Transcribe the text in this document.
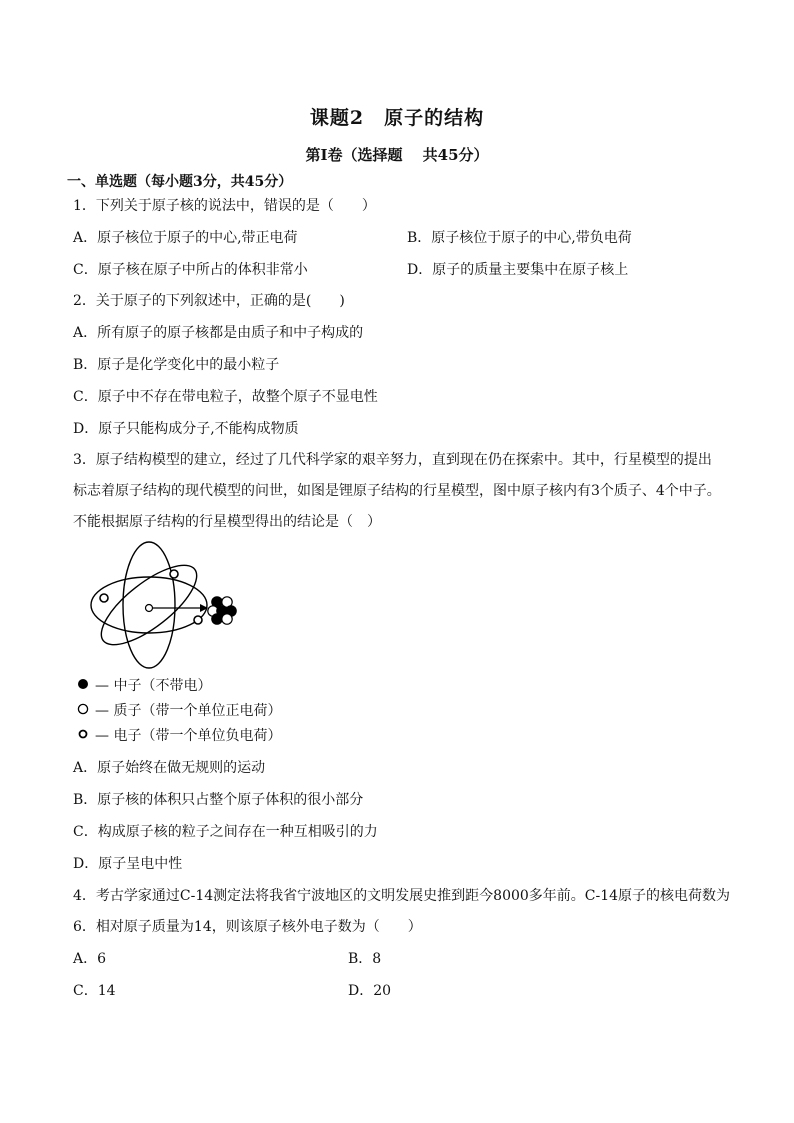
课题2　原子的结构
第I卷（选择题　 共45分）
一、单选题（每小题3分，共45分）
1．下列关于原子核的说法中，错误的是（　　）
A．原子核位于原子的中心,带正电荷	B．原子核位于原子的中心,带负电荷
C．原子核在原子中所占的体积非常小	D．原子的质量主要集中在原子核上
2．关于原子的下列叙述中，正确的是(　　)
A．所有原子的原子核都是由质子和中子构成的
B．原子是化学变化中的最小粒子
C．原子中不存在带电粒子，故整个原子不显电性
D．原子只能构成分子,不能构成物质
3．原子结构模型的建立，经过了几代科学家的艰辛努力，直到现在仍在探索中。其中，行星模型的提出标志着原子结构的现代模型的问世，如图是锂原子结构的行星模型，图中原子核内有3个质子、4个中子。不能根据原子结构的行星模型得出的结论是（　）
— 中子（不带电）
— 质子（带一个单位正电荷）
— 电子（带一个单位负电荷）
A．原子始终在做无规则的运动
B．原子核的体积只占整个原子体积的很小部分
C．构成原子核的粒子之间存在一种互相吸引的力
D．原子呈电中性
4．考古学家通过C-14测定法将我省宁波地区的文明发展史推到距今8000多年前。C-14原子的核电荷数为
6．相对原子质量为14，则该原子核外电子数为（　　）
A．6	B．8
C．14	D．20
